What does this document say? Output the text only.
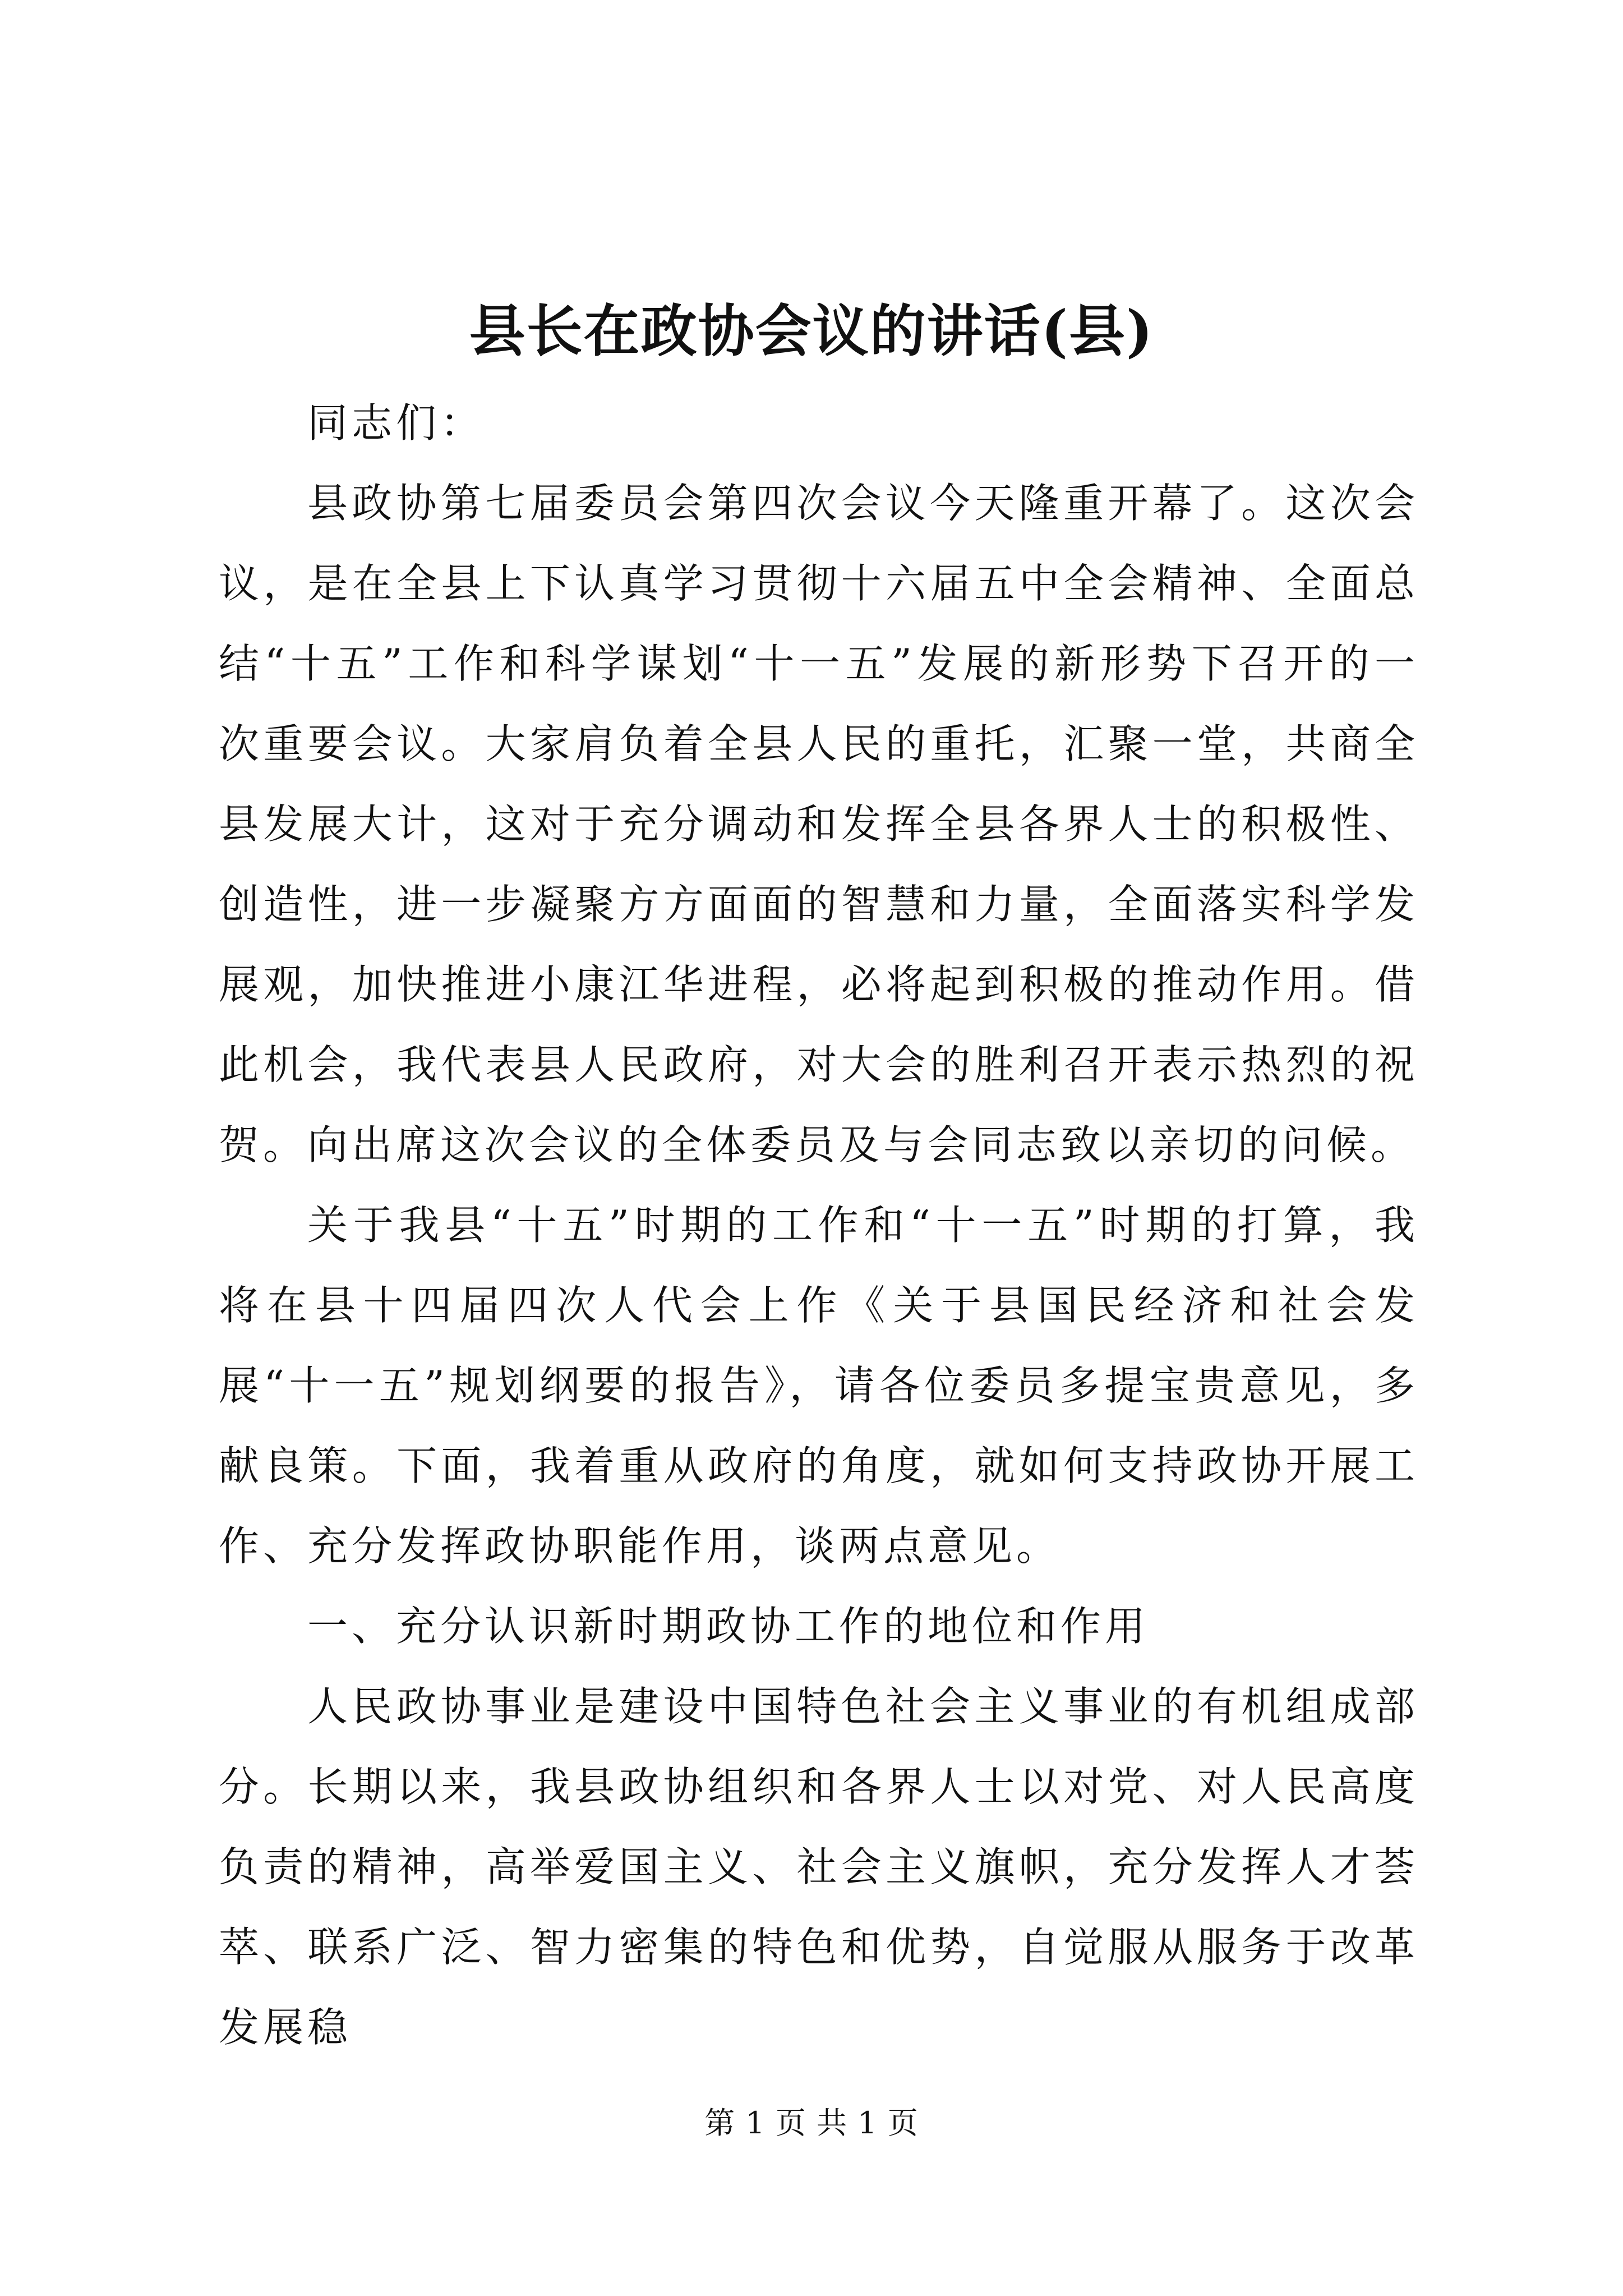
县长在政协会议的讲话(县)

同志们：

县政协第七届委员会第四次会议今天隆重开幕了。这次会议，是在全县上下认真学习贯彻十六届五中全会精神、全面总结“十五”工作和科学谋划“十一五”发展的新形势下召开的一次重要会议。大家肩负着全县人民的重托，汇聚一堂，共商全县发展大计，这对于充分调动和发挥全县各界人士的积极性、创造性，进一步凝聚方方面面的智慧和力量，全面落实科学发展观，加快推进小康江华进程，必将起到积极的推动作用。借此机会，我代表县人民政府，对大会的胜利召开表示热烈的祝贺。向出席这次会议的全体委员及与会同志致以亲切的问候。

关于我县“十五”时期的工作和“十一五”时期的打算，我将在县十四届四次人代会上作《关于县国民经济和社会发展“十一五”规划纲要的报告》，请各位委员多提宝贵意见，多献良策。下面，我着重从政府的角度，就如何支持政协开展工作、充分发挥政协职能作用，谈两点意见。

一、充分认识新时期政协工作的地位和作用

人民政协事业是建设中国特色社会主义事业的有机组成部分。长期以来，我县政协组织和各界人士以对党、对人民高度负责的精神，高举爱国主义、社会主义旗帜，充分发挥人才荟萃、联系广泛、智力密集的特色和优势，自觉服从服务于改革发展稳

第 1 页 共 1 页
